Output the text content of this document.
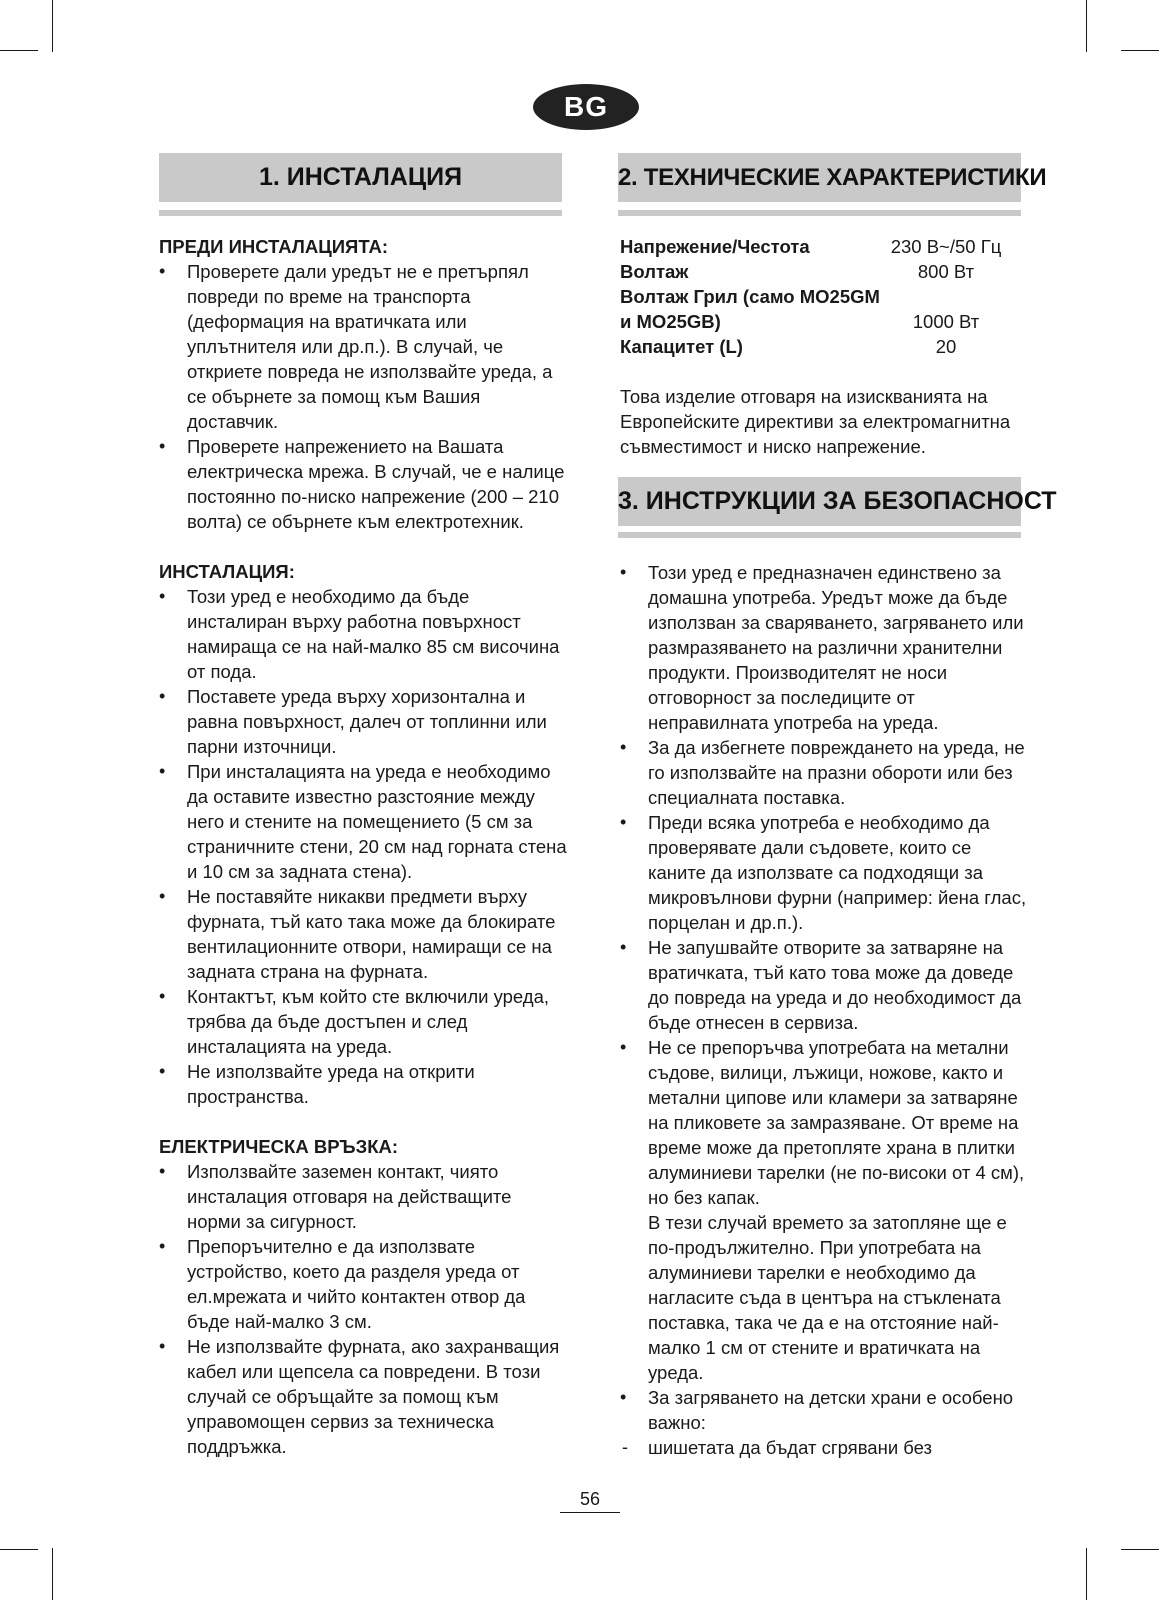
BG
1. ИНСТАЛАЦИЯ	2. ТЕХНИЧЕСКИЕ ХАРАКТЕРИСТИКИ
3. ИНСТРУКЦИИ ЗА БЕЗОПАСНОСТ

ПРЕДИ ИНСТАЛАЦИЯТА:

• Проверете дали уредът не е претърпял повреди по време на транспорта (деформация на вратичката или уплътнителя или др.п.). В случай, че откриете повреда не използвайте уреда, а се обърнете за помощ към Вашия доставчик.
• Проверете напрежението на Вашата електрическа мрежа. В случай, че е налице постоянно по-ниско напрежение (200 – 210 волта) се обърнете към електротехник.

ИНСТАЛАЦИЯ:

• Този уред е необходимо да бъде инсталиран върху работна повърхност намираща се на най-малко 85 см височина от пода.
• Поставете уреда върху хоризонтална и равна повърхност, далеч от топлинни или парни източници.
• При инсталацията на уреда е необходимо да оставите известно разстояние между него и стените на помещението (5 см за страничните стени, 20 см над горната стена и 10 см за задната стена).
• Не поставяйте никакви предмети върху фурната, тъй като така може да блокирате вентилационните отвори, намиращи се на задната страна на фурната.
• Контактът, към който сте включили уреда, трябва да бъде достъпен и след инсталацията на уреда.
• Не използвайте уреда на открити пространства.

ЕЛЕКТРИЧЕСКА ВРЪЗКА:

• Използвайте заземен контакт, чиято инсталация отговаря на действащите норми за сигурност.
• Препоръчително е да използвате устройство, което да разделя уреда от ел.мрежата и чийто контактен отвор да бъде най-малко 3 см.
• Не използвайте фурната, ако захранващия кабел или щепсела са повредени. В този случай се обръщайте за помощ към управомощен сервиз за техническа поддръжка.
Напрежение/Честота	230 В~/50 Гц
Волтаж	800 Вт
Волтаж Грил (само MO25GM
и MO25GB)	1000 Вт
Капацитет (L)	20

Това изделие отговаря на изискванията на Европейските директиви за електромагнитна съвместимост и ниско напрежение.

• Този уред е предназначен единствено за домашна употреба. Уредът може да бъде използван за сваряването, загряването или размразяването на различни хранителни продукти. Производителят не носи отговорност за последиците от неправилната употреба на уреда.
• За да избегнете повреждането на уреда, не го използвайте на празни обороти или без специалната поставка.
• Преди всяка употреба е необходимо да проверявате дали съдовете, които се каните да използвате са подходящи за микровълнови фурни (например: йена глас, порцелан и др.п.).
• Не запушвайте отворите за затваряне на вратичката, тъй като това може да доведе до повреда на уреда и до необходимост да бъде отнесен в сервиза.
• Не се препоръчва употребата на метални съдове, вилици, лъжици, ножове, както и метални ципове или кламери за затваряне на пликовете за замразяване. От време на време може да претопляте храна в плитки алуминиеви тарелки (не по-високи от 4 см), но без капак.
В тези случай времето за затопляне ще е по-продължително. При употребата на алуминиеви тарелки е необходимо да нагласите съда в центъра на стъклената поставка, така че да е на отстояние най-малко 1 см от стените и вратичката на уреда.
• За загряването на детски храни е особено важно:
- шишетата да бъдат сгрявани без
56
